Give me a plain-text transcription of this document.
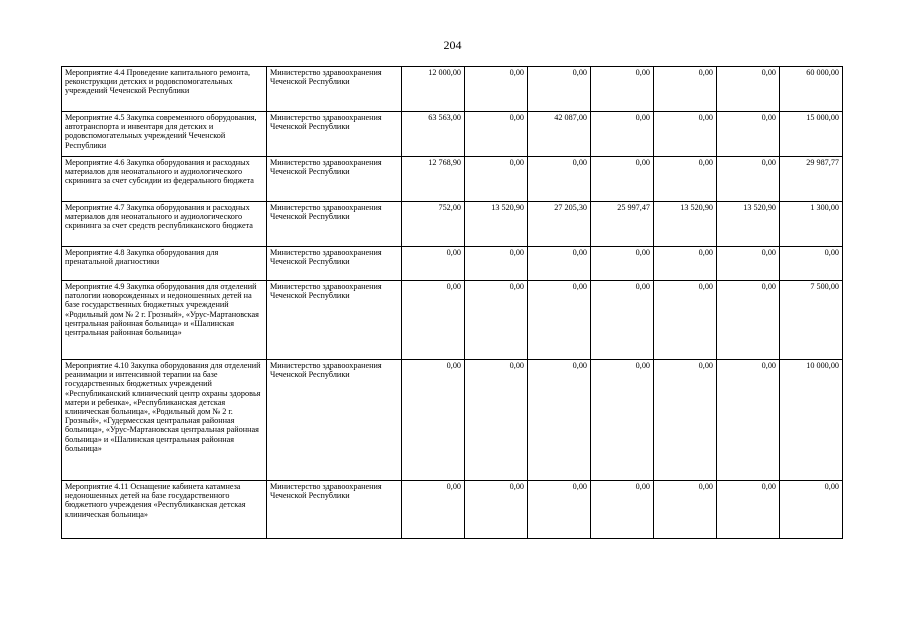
204
Мероприятие 4.4 Проведение капитального ремонта, реконструкции детских и родовспомогательных учреждений Чеченской Республики	Министерство здравоохранения Чеченской Республики	12 000,00	0,00	0,00	0,00	0,00	0,00	60 000,00
Мероприятие 4.5 Закупка современного оборудования, автотранспорта и инвентаря для детских и родовспомогательных учреждений Чеченской Республики	Министерство здравоохранения Чеченской Республики	63 563,00	0,00	42 087,00	0,00	0,00	0,00	15 000,00
Мероприятие 4.6 Закупка оборудования и расходных материалов для неонатального и аудиологического скрининга за счет субсидии из федерального бюджета	Министерство здравоохранения Чеченской Республики	12 768,90	0,00	0,00	0,00	0,00	0,00	29 987,77
Мероприятие 4.7 Закупка оборудования и расходных материалов для неонатального и аудиологического скрининга за счет средств республиканского бюджета	Министерство здравоохранения Чеченской Республики	752,00	13 520,90	27 205,30	25 997,47	13 520,90	13 520,90	1 300,00
Мероприятие 4.8 Закупка оборудования для пренатальной диагностики	Министерство здравоохранения Чеченской Республики	0,00	0,00	0,00	0,00	0,00	0,00	0,00
Мероприятие 4.9 Закупка оборудования для отделений патологии новорожденных и недоношенных детей на базе государственных бюджетных учреждений «Родильный дом № 2 г. Грозный», «Урус-Мартановская центральная районная больница» и «Шалинская центральная районная больница»	Министерство здравоохранения Чеченской Республики	0,00	0,00	0,00	0,00	0,00	0,00	7 500,00
Мероприятие 4.10 Закупка оборудования для отделений реанимации и интенсивной терапии на базе государственных бюджетных учреждений «Республиканский клинический центр охраны здоровья матери и ребенка», «Республиканская детская клиническая больница», «Родильный дом № 2 г. Грозный», «Гудермесская центральная районная больница», «Урус-Мартановская центральная районная больница» и «Шалинская центральная районная больница»	Министерство здравоохранения Чеченской Республики	0,00	0,00	0,00	0,00	0,00	0,00	10 000,00
Мероприятие 4.11 Оснащение кабинета катамнеза недоношенных детей на базе государственного бюджетного учреждения «Республиканская детская клиническая больница»	Министерство здравоохранения Чеченской Республики	0,00	0,00	0,00	0,00	0,00	0,00	0,00
